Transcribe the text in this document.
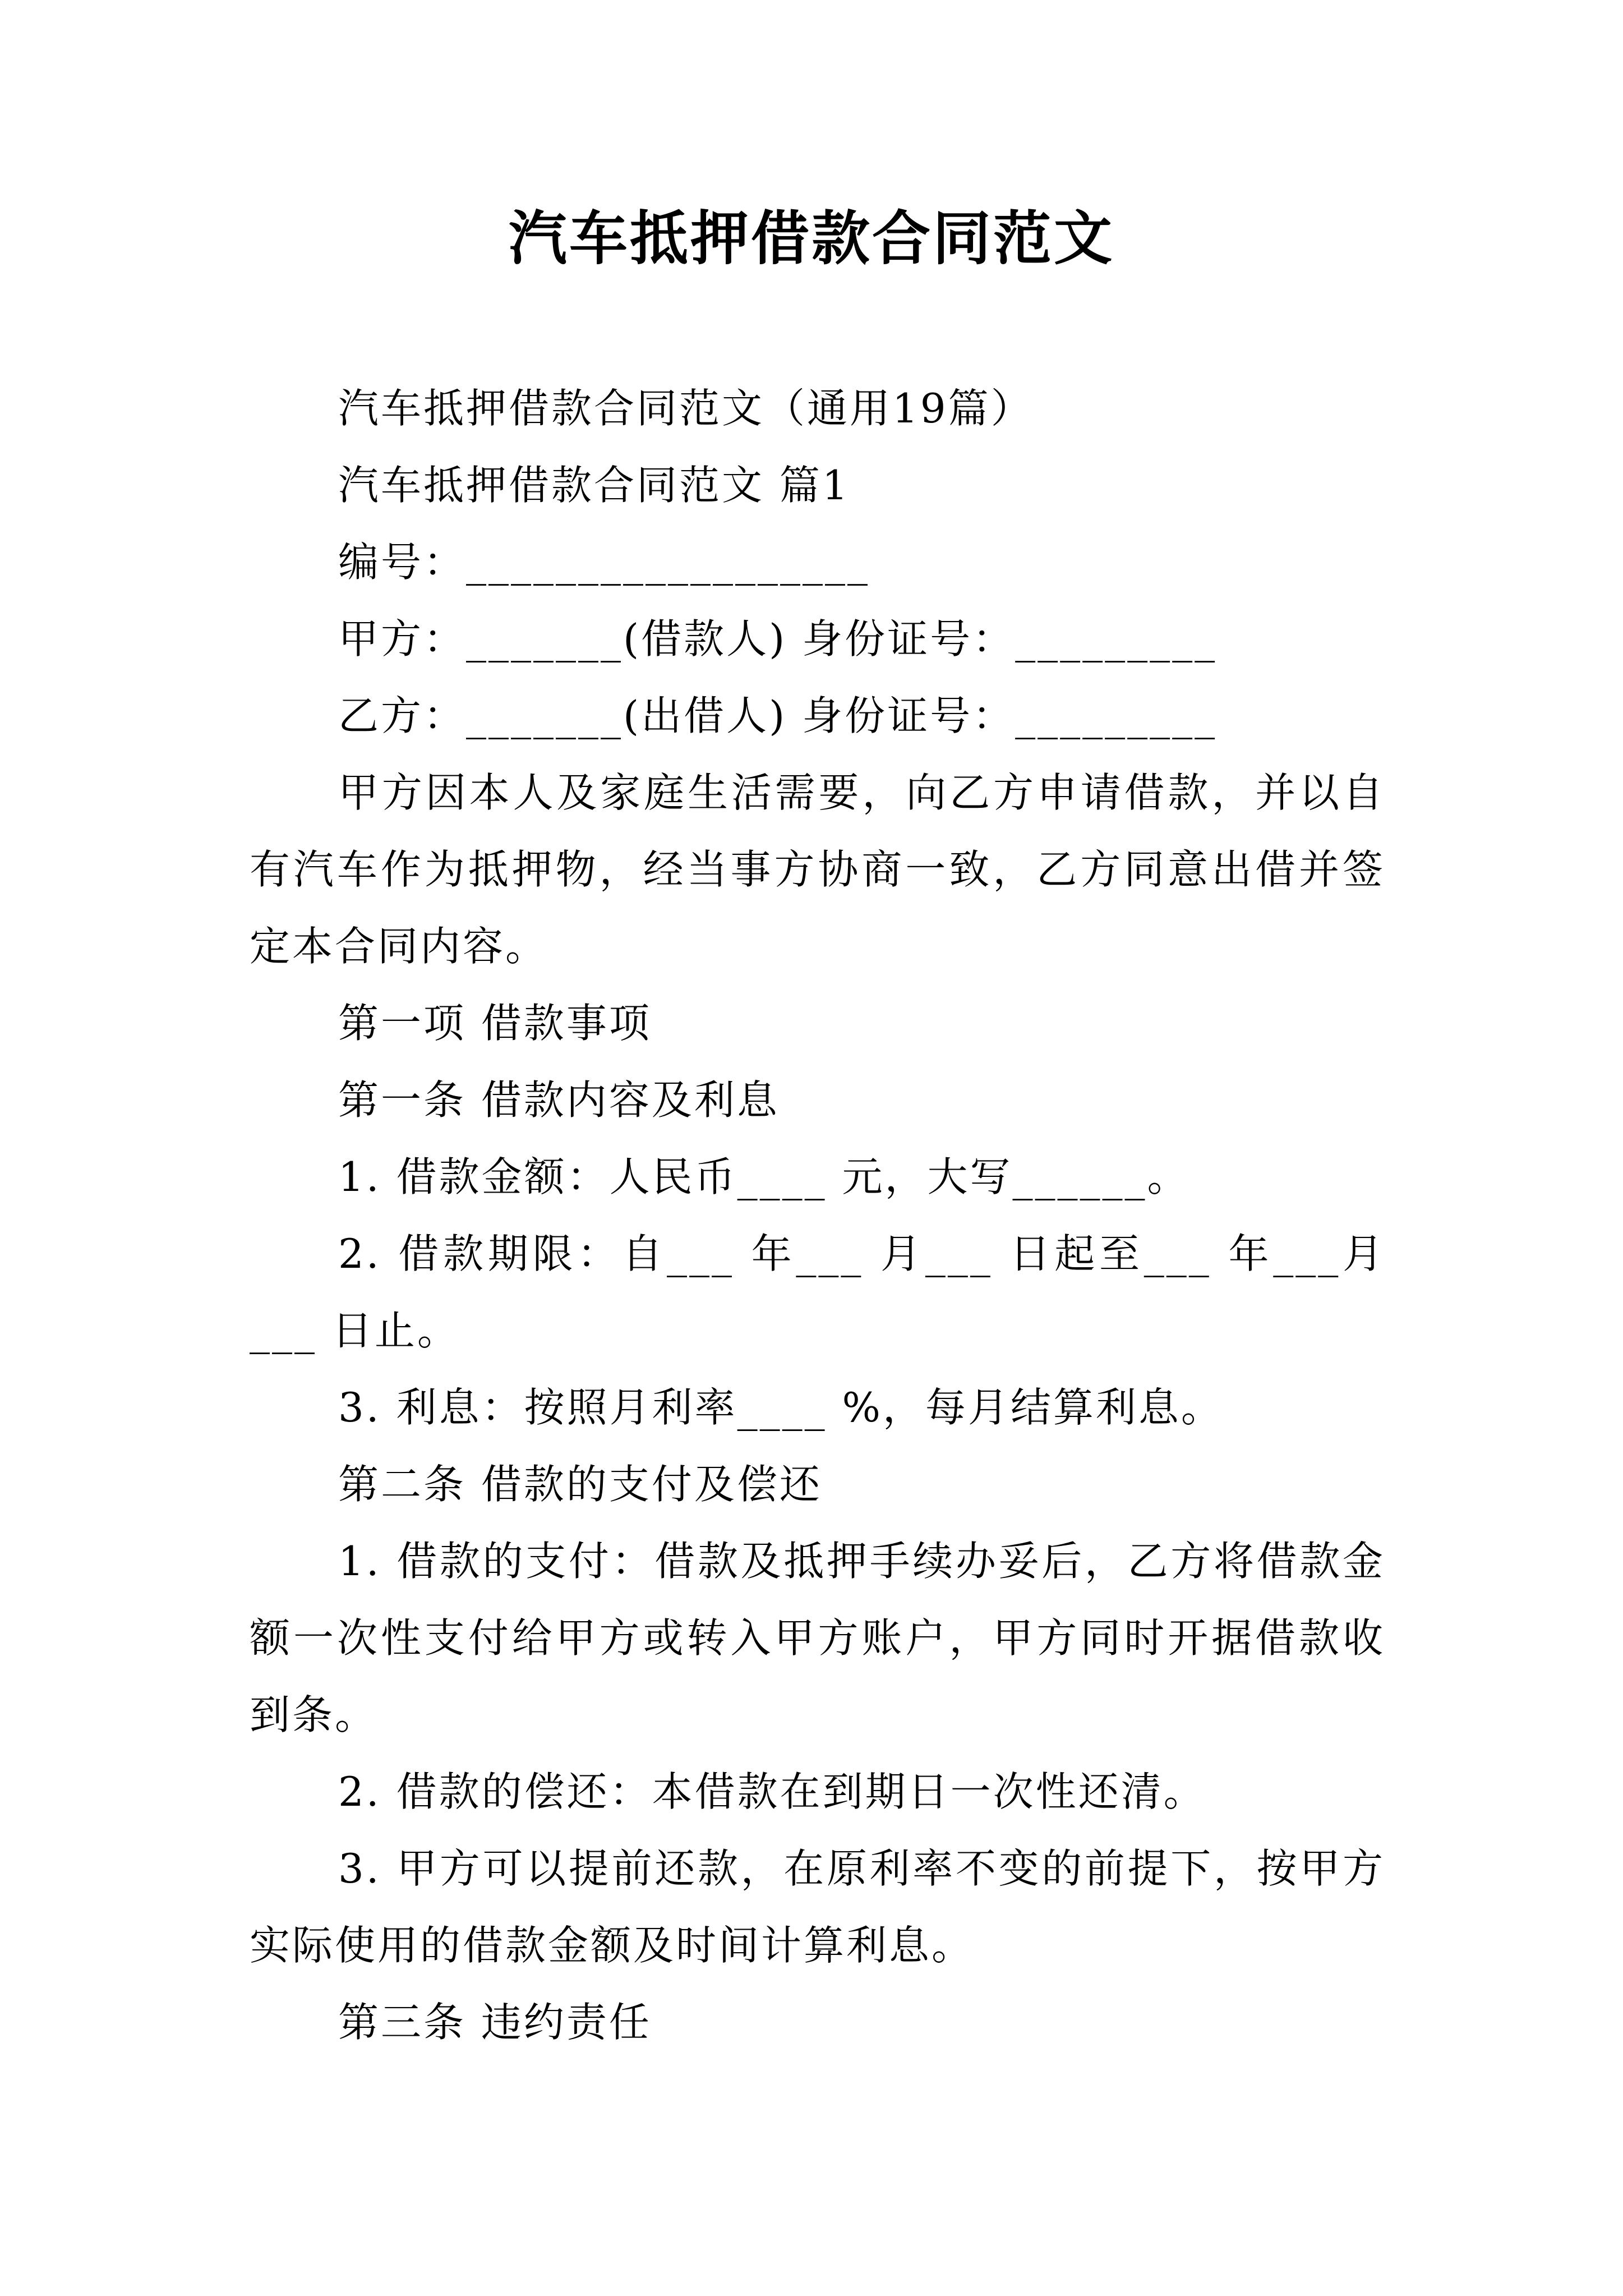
汽车抵押借款合同范文

汽车抵押借款合同范文（通用19篇）

汽车抵押借款合同范文 篇1

编号：__________________

甲方：_______(借款人) 身份证号：_________

乙方：_______(出借人) 身份证号：_________

甲方因本人及家庭生活需要，向乙方申请借款，并以自有汽车作为抵押物，经当事方协商一致，乙方同意出借并签定本合同内容。

第一项 借款事项

第一条 借款内容及利息

1. 借款金额：人民币____ 元，大写______。

2. 借款期限：自___ 年___ 月___ 日起至___ 年___月___ 日止。

3. 利息：按照月利率____ %，每月结算利息。

第二条 借款的支付及偿还

1. 借款的支付：借款及抵押手续办妥后，乙方将借款金额一次性支付给甲方或转入甲方账户，甲方同时开据借款收到条。

2. 借款的偿还：本借款在到期日一次性还清。

3. 甲方可以提前还款，在原利率不变的前提下，按甲方实际使用的借款金额及时间计算利息。

第三条 违约责任
